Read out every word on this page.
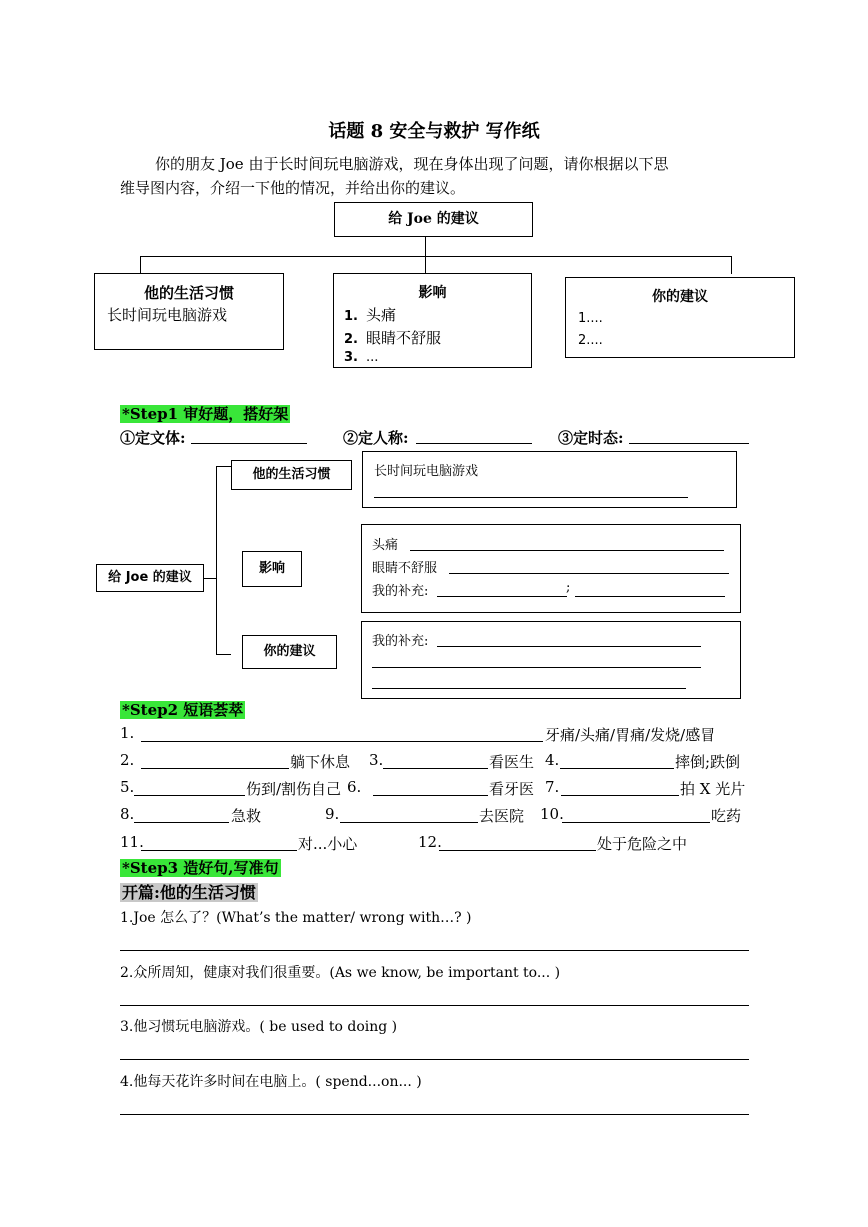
话题 8 安全与救护 写作纸
你的朋友 Joe 由于长时间玩电脑游戏，现在身体出现了问题，请你根据以下思
维导图内容，介绍一下他的情况，并给出你的建议。
给 Joe 的建议
他的生活习惯
长时间玩电脑游戏
影响
1. 头痛
2. 眼睛不舒服
3. ...
你的建议
1....
2....
*Step1 审好题，搭好架
①定文体:	②定人称:	③定时态:
给 Joe 的建议
他的生活习惯
影响
你的建议
长时间玩电脑游戏
头痛
眼睛不舒服
我的补充:	;
我的补充:
*Step2 短语荟萃
1.	牙痛/头痛/胃痛/发烧/感冒
2.	躺下休息 3.	看医生 4.	摔倒;跌倒
5.	伤到/割伤自己 6.	看牙医 7.	拍 X 光片
8.	急救	9.	去医院 10.	吃药
11.	对...小心	12.	处于危险之中
*Step3 造好句,写准句
开篇:他的生活习惯
1.Joe 怎么了？(What’s the matter/ wrong with…? )
2.众所周知，健康对我们很重要。(As we know, be important to... )
3.他习惯玩电脑游戏。( be used to doing )
4.他每天花许多时间在电脑上。( spend...on... )
